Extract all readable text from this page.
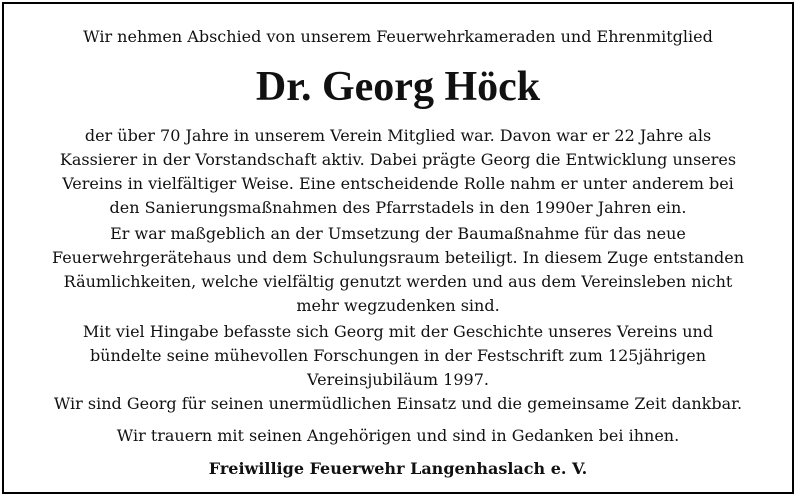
Wir nehmen Abschied von unserem Feuerwehrkameraden und Ehrenmitglied
Dr. Georg Höck
der über 70 Jahre in unserem Verein Mitglied war. Davon war er 22 Jahre als
Kassierer in der Vorstandschaft aktiv. Dabei prägte Georg die Entwicklung unseres
Vereins in vielfältiger Weise. Eine entscheidende Rolle nahm er unter anderem bei
den Sanierungsmaßnahmen des Pfarrstadels in den 1990er Jahren ein.
Er war maßgeblich an der Umsetzung der Baumaßnahme für das neue
Feuerwehrgerätehaus und dem Schulungsraum beteiligt. In diesem Zuge entstanden
Räumlichkeiten, welche vielfältig genutzt werden und aus dem Vereinsleben nicht
mehr wegzudenken sind.
Mit viel Hingabe befasste sich Georg mit der Geschichte unseres Vereins und
bündelte seine mühevollen Forschungen in der Festschrift zum 125jährigen
Vereinsjubiläum 1997.
Wir sind Georg für seinen unermüdlichen Einsatz und die gemeinsame Zeit dankbar.
Wir trauern mit seinen Angehörigen und sind in Gedanken bei ihnen.
Freiwillige Feuerwehr Langenhaslach e. V.
